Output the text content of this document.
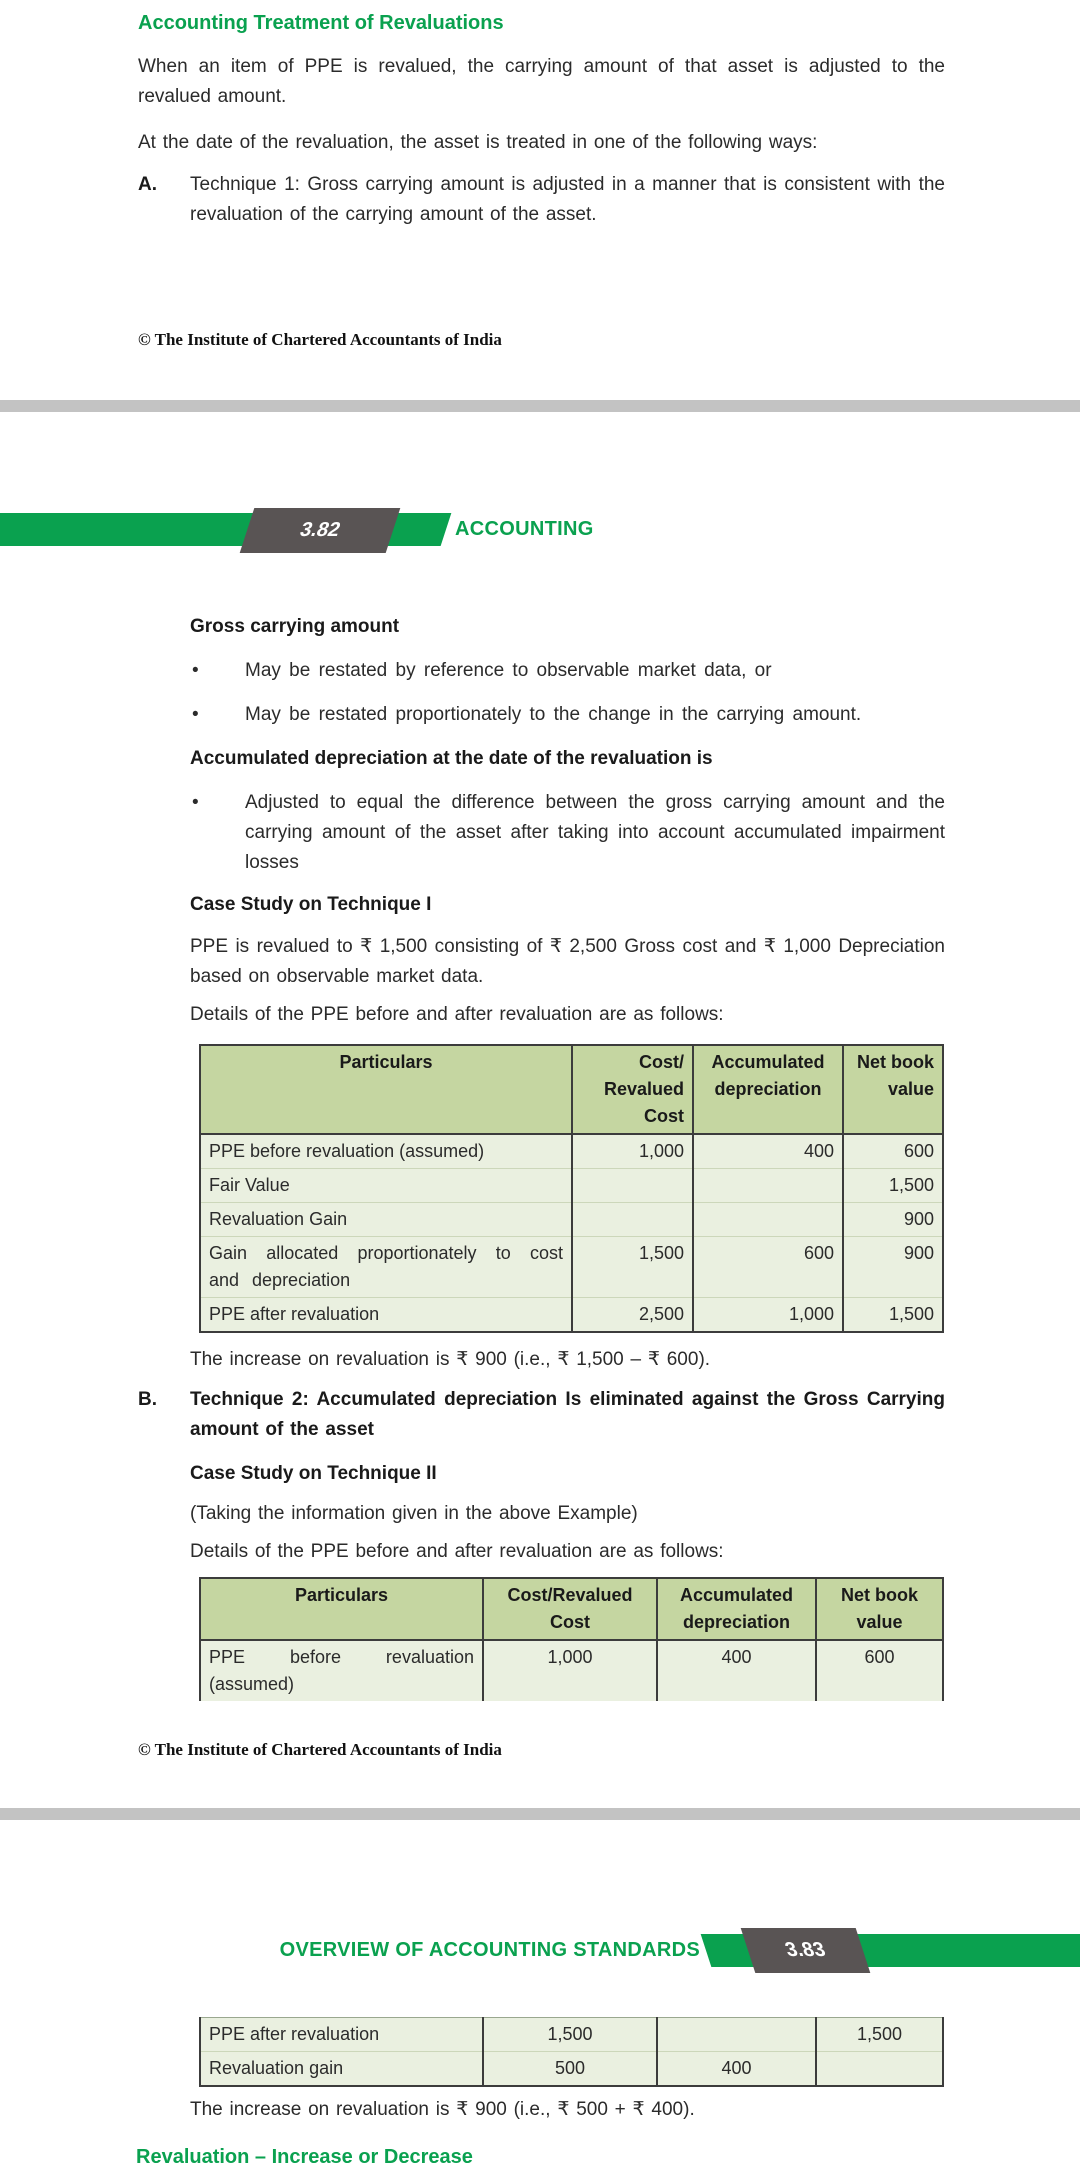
Accounting Treatment of Revaluations

When an item of PPE is revalued, the carrying amount of that asset is adjusted to the revalued amount.

At the date of the revaluation, the asset is treated in one of the following ways:

A. Technique 1: Gross carrying amount is adjusted in a manner that is consistent with the revaluation of the carrying amount of the asset.

© The Institute of Chartered Accountants of India
3.82	ACCOUNTING
Gross carrying amount
• May be restated by reference to observable market data, or

• May be restated proportionately to the change in the carrying amount.

Accumulated depreciation at the date of the revaluation is
• Adjusted to equal the difference between the gross carrying amount and the carrying amount of the asset after taking into account accumulated impairment losses

Case Study on Technique I

PPE is revalued to ₹ 1,500 consisting of ₹ 2,500 Gross cost and ₹ 1,000 Depreciation based on observable market data.

Details of the PPE before and after revaluation are as follows:

Particulars	Cost/ Revalued Cost	Accumulated depreciation	Net book value
PPE before revaluation (assumed)	1,000	400	600
Fair Value			1,500
Revaluation Gain			900
Gain allocated proportionately to cost and depreciation	1,500	600	900
PPE after revaluation	2,500	1,000	1,500

The increase on revaluation is ₹ 900 (i.e., ₹ 1,500 – ₹ 600).

B. Technique 2: Accumulated depreciation Is eliminated against the Gross Carrying amount of the asset

Case Study on Technique II

(Taking the information given in the above Example)

Details of the PPE before and after revaluation are as follows:

Particulars	Cost/Revalued Cost	Accumulated depreciation	Net book value
PPE before revaluation (assumed)	1,000	400	600
© The Institute of Chartered Accountants of India
OVERVIEW OF ACCOUNTING STANDARDS	3.83
PPE after revaluation	1,500		1,500
Revaluation gain	500	400	

The increase on revaluation is ₹ 900 (i.e., ₹ 500 + ₹ 400).

Revaluation – Increase or Decrease
